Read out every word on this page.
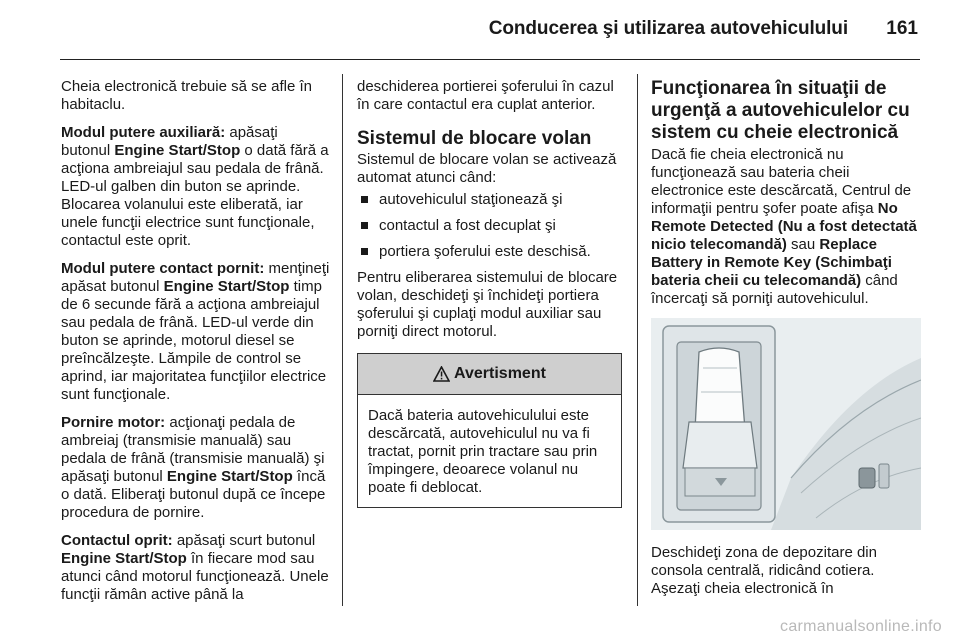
Conducerea şi utilizarea autovehiculului 161

Cheia electronică trebuie să se afle în habitaclu.

Modul putere auxiliară: apăsaţi butonul Engine Start/Stop o dată fără a acţiona ambreiajul sau pedala de frână. LED-ul galben din buton se aprinde. Blocarea volanului este eliberată, iar unele funcţii electrice sunt funcţionale, contactul este oprit.

Modul putere contact pornit: menţineţi apăsat butonul Engine Start/Stop timp de 6 secunde fără a acţiona ambreiajul sau pedala de frână. LED-ul verde din buton se aprinde, motorul diesel se preîncălzeşte. Lămpile de control se aprind, iar majoritatea funcţiilor electrice sunt funcţionale.

Pornire motor: acţionaţi pedala de ambreiaj (transmisie manuală) sau pedala de frână (transmisie manuală) şi apăsaţi butonul Engine Start/Stop încă o dată. Eliberaţi butonul după ce începe procedura de pornire.

Contactul oprit: apăsaţi scurt butonul Engine Start/Stop în fiecare mod sau atunci când motorul funcţionează. Unele funcţii rămân active până la

deschiderea portierei şoferului în cazul în care contactul era cuplat anterior.

Sistemul de blocare volan

Sistemul de blocare volan se activează automat atunci când:

autovehiculul staţionează şi
contactul a fost decuplat şi
portiera şoferului este deschisă.

Pentru eliberarea sistemului de blocare volan, deschideţi şi închideţi portiera şoferului şi cuplaţi modul auxiliar sau porniţi direct motorul.

Avertisment
Dacă bateria autovehiculului este descărcată, autovehiculul nu va fi tractat, pornit prin tractare sau prin împingere, deoarece volanul nu poate fi deblocat.
Funcţionarea în situaţii de urgenţă a autovehiculelor cu sistem cu cheie electronică

Dacă fie cheia electronică nu funcţionează sau bateria cheii electronice este descărcată, Centrul de informaţii pentru şofer poate afişa No Remote Detected (Nu a fost detectată nicio telecomandă) sau Replace Battery in Remote Key (Schimbaţi bateria cheii cu telecomandă) când încercaţi să porniţi autovehiculul.

Deschideţi zona de depozitare din consola centrală, ridicând cotiera. Aşezaţi cheia electronică în

carmanualsonline.info
